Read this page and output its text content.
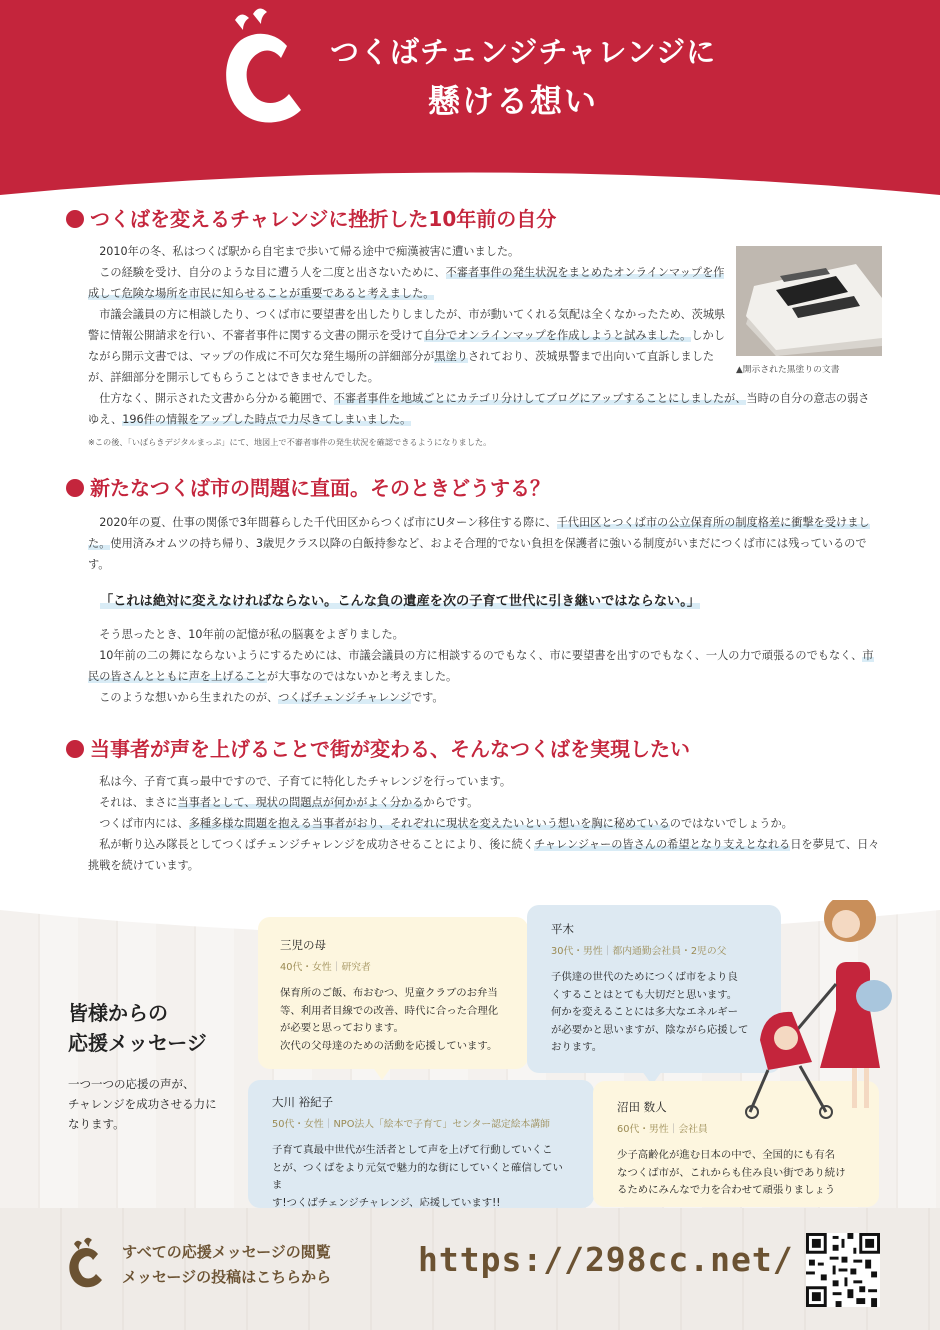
つくばチェンジチャレンジに
懸ける想い
つくばを変えるチャレンジに挫折した10年前の自分

2010年の冬、私はつくば駅から自宅まで歩いて帰る途中で痴漢被害に遭いました。

この経験を受け、自分のような目に遭う人を二度と出さないために、不審者事件の発生状況をまとめたオンラインマップを作成して危険な場所を市民に知らせることが重要であると考えました。

市議会議員の方に相談したり、つくば市に要望書を出したりしましたが、市が動いてくれる気配は全くなかったため、茨城県警に情報公開請求を行い、不審者事件に関する文書の開示を受けて自分でオンラインマップを作成しようと試みました。しかしながら開示文書では、マップの作成に不可欠な発生場所の詳細部分が黒塗りされており、茨城県警まで出向いて直訴しましたが、詳細部分を開示してもらうことはできませんでした。

仕方なく、開示された文書から分かる範囲で、不審者事件を地域ごとにカテゴリ分けしてブログにアップすることにしましたが、当時の自分の意志の弱さゆえ、196件の情報をアップした時点で力尽きてしまいました。

※この後、「いばらきデジタルまっぷ」にて、地図上で不審者事件の発生状況を確認できるようになりました。
▲開示された黒塗りの文書
新たなつくば市の問題に直面。そのときどうする？

2020年の夏、仕事の関係で3年間暮らした千代田区からつくば市にUターン移住する際に、千代田区とつくば市の公立保育所の制度格差に衝撃を受けました。使用済みオムツの持ち帰り、3歳児クラス以降の白飯持参など、およそ合理的でない負担を保護者に強いる制度がいまだにつくば市には残っているのです。

「これは絶対に変えなければならない。こんな負の遺産を次の子育て世代に引き継いではならない。」

そう思ったとき、10年前の記憶が私の脳裏をよぎりました。

10年前の二の舞にならないようにするためには、市議会議員の方に相談するのでもなく、市に要望書を出すのでもなく、一人の力で頑張るのでもなく、市民の皆さんとともに声を上げることが大事なのではないかと考えました。

このような想いから生まれたのが、つくばチェンジチャレンジです。

当事者が声を上げることで街が変わる、そんなつくばを実現したい

私は今、子育て真っ最中ですので、子育てに特化したチャレンジを行っています。

それは、まさに当事者として、現状の問題点が何かがよく分かるからです。

つくば市内には、多種多様な問題を抱える当事者がおり、それぞれに現状を変えたいという想いを胸に秘めているのではないでしょうか。

私が斬り込み隊長としてつくばチェンジチャレンジを成功させることにより、後に続くチャレンジャーの皆さんの希望となり支えとなれる日を夢見て、日々挑戦を続けています。

皆様からの
応援メッセージ
一つ一つの応援の声が、
チャレンジを成功させる力に
なります。
三児の母
40代・女性｜研究者
保育所のご飯、布おむつ、児童クラブのお弁当
等、利用者目線での改善、時代に合った合理化
が必要と思っております。
次代の父母達のための活動を応援しています。
平木
30代・男性｜都内通勤会社員・2児の父
子供達の世代のためにつくば市をより良
くすることはとても大切だと思います。
何かを変えることには多大なエネルギー
が必要かと思いますが、陰ながら応援して
おります。
大川 裕紀子
50代・女性｜NPO法人「絵本で子育て」センター認定絵本講師
子育て真最中世代が生活者として声を上げて行動していくこ
とが、つくばをより元気で魅力的な街にしていくと確信していま
す!つくばチェンジチャレンジ、応援しています!!
沼田 数人
60代・男性｜会社員
少子高齢化が進む日本の中で、全国的にも有名
なつくば市が、これからも住み良い街であり続け
るためにみんなで力を合わせて頑張りましょう
すべての応援メッセージの閲覧
メッセージの投稿はこちらから	https://298cc.net/
